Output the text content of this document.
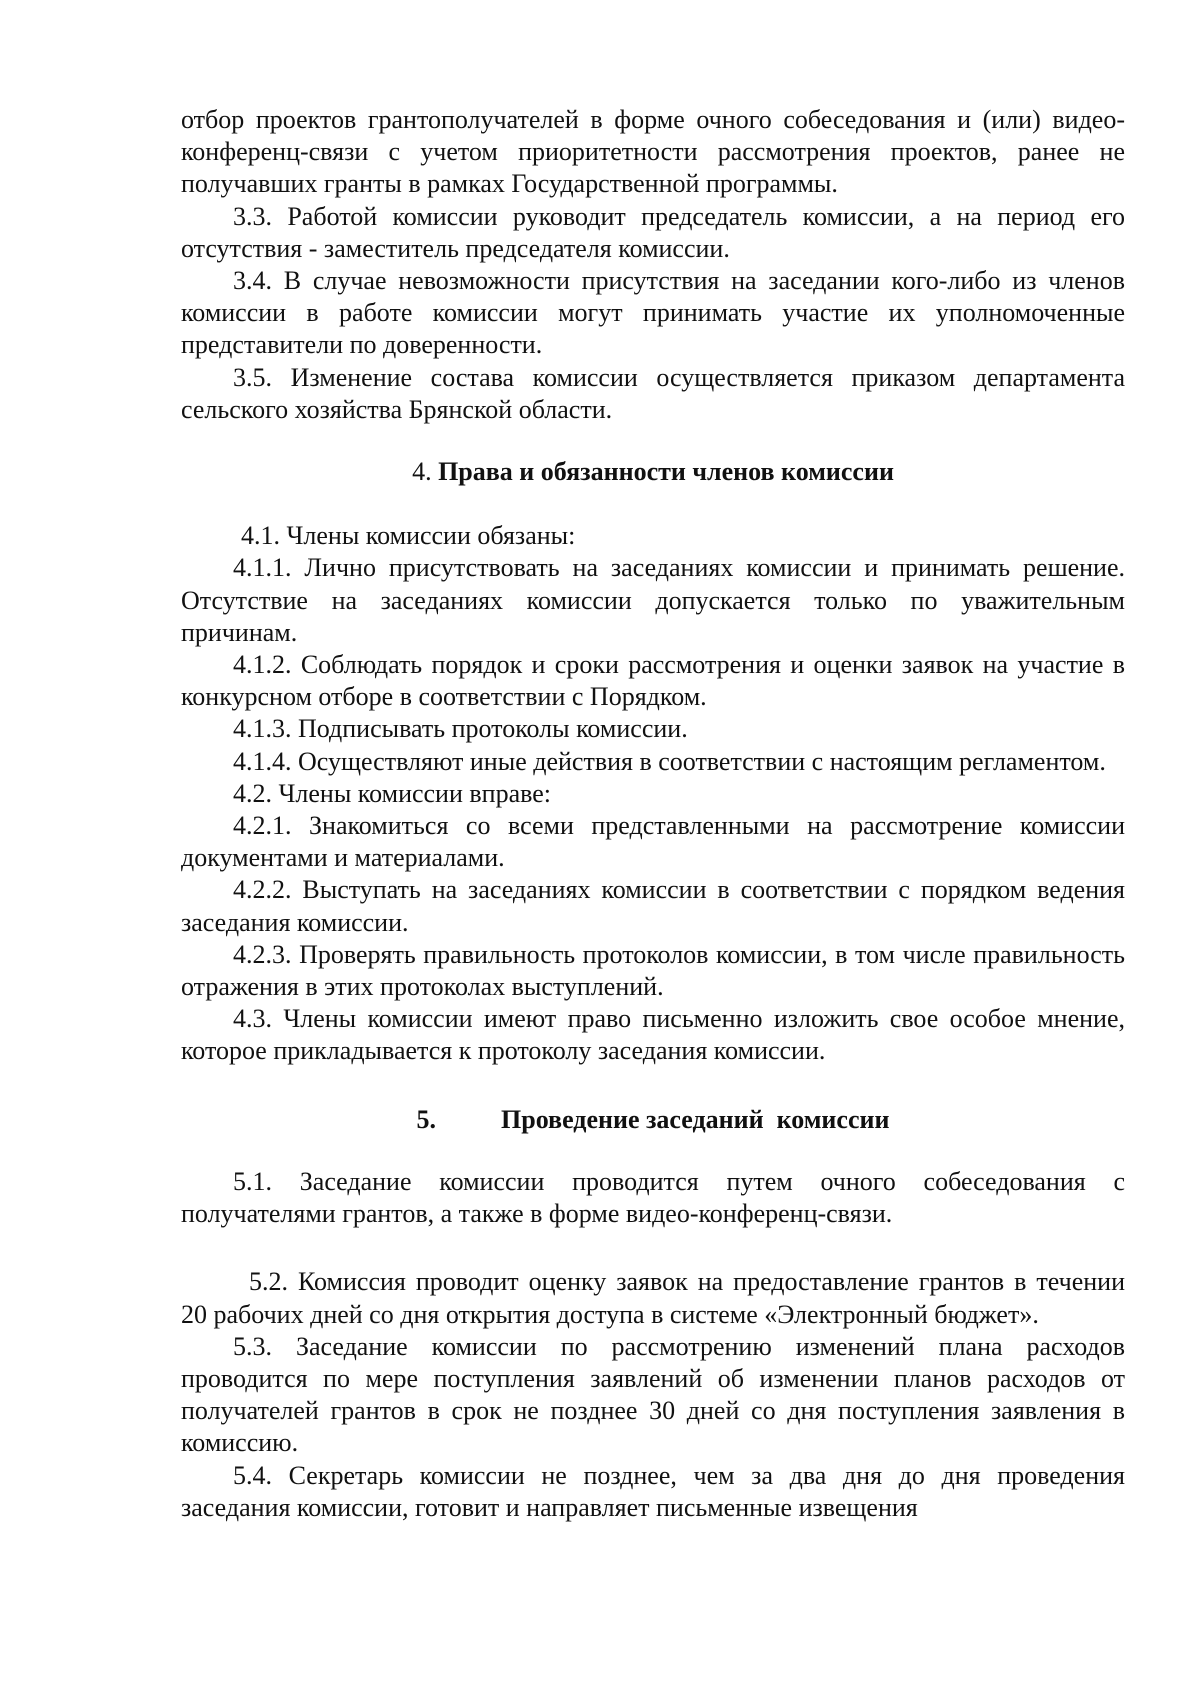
отбор проектов грантополучателей в форме очного собеседования и (или) видео-конференц-связи с учетом приоритетности рассмотрения проектов, ранее не получавших гранты в рамках Государственной программы.

3.3. Работой комиссии руководит председатель комиссии, а на период его отсутствия - заместитель председателя комиссии.

3.4. В случае невозможности присутствия на заседании кого-либо из членов комиссии в работе комиссии могут принимать участие их уполномоченные представители по доверенности.

3.5. Изменение состава комиссии осуществляется приказом департамента сельского хозяйства Брянской области.

4. Права и обязанности членов комиссии

4.1. Члены комиссии обязаны:

4.1.1. Лично присутствовать на заседаниях комиссии и принимать решение. Отсутствие на заседаниях комиссии допускается только по уважительным причинам.

4.1.2. Соблюдать порядок и сроки рассмотрения и оценки заявок на участие в конкурсном отборе в соответствии с Порядком.

4.1.3. Подписывать протоколы комиссии.

4.1.4. Осуществляют иные действия в соответствии с настоящим регламентом.

4.2. Члены комиссии вправе:

4.2.1. Знакомиться со всеми представленными на рассмотрение комиссии документами и материалами.

4.2.2. Выступать на заседаниях комиссии в соответствии с порядком ведения заседания комиссии.

4.2.3. Проверять правильность протоколов комиссии, в том числе правильность отражения в этих протоколах выступлений.

4.3. Члены комиссии имеют право письменно изложить свое особое мнение, которое прикладывается к протоколу заседания комиссии.

5.          Проведение заседаний  комиссии

5.1. Заседание комиссии проводится путем очного собеседования с получателями грантов, а также в форме видео-конференц-связи.

5.2. Комиссия проводит оценку заявок на предоставление грантов в течении 20 рабочих дней со дня открытия доступа в системе «Электронный бюджет».

5.3. Заседание комиссии по рассмотрению изменений плана расходов проводится по мере поступления заявлений об изменении планов расходов от получателей грантов в срок не позднее 30 дней со дня поступления заявления в комиссию.

5.4. Секретарь комиссии не позднее, чем за два дня до дня проведения заседания комиссии, готовит и направляет письменные извещения
